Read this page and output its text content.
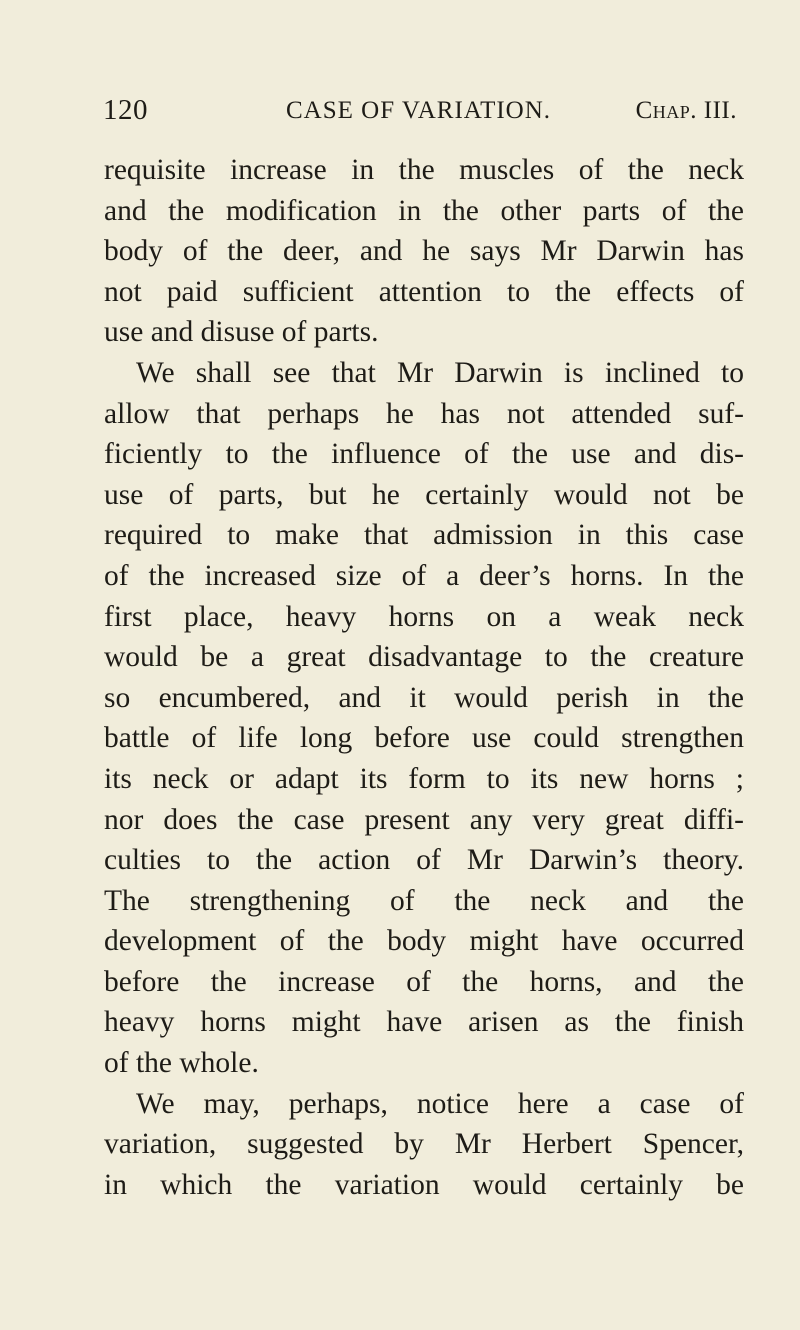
120	CASE OF VARIATION.	Chap. III.
requisite increase in the muscles of the neck
and the modification in the other parts of the
body of the deer, and he says Mr Darwin has
not paid sufficient attention to the effects of
use and disuse of parts.
We shall see that Mr Darwin is inclined to
allow that perhaps he has not attended suf-
ficiently to the influence of the use and dis-
use of parts, but he certainly would not be
required to make that admission in this case
of the increased size of a deer’s horns. In the
first place, heavy horns on a weak neck
would be a great disadvantage to the creature
so encumbered, and it would perish in the
battle of life long before use could strengthen
its neck or adapt its form to its new horns ;
nor does the case present any very great diffi-
culties to the action of Mr Darwin’s theory.
The strengthening of the neck and the
development of the body might have occurred
before the increase of the horns, and the
heavy horns might have arisen as the finish
of the whole.
We may, perhaps, notice here a case of
variation, suggested by Mr Herbert Spencer,
in which the variation would certainly be
